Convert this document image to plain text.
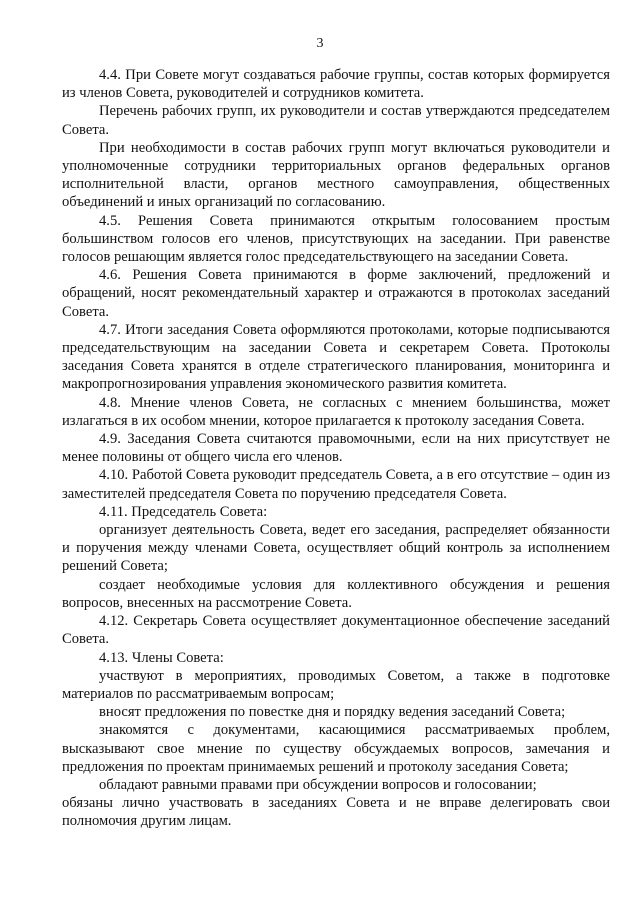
3

4.4. При Совете могут создаваться рабочие группы, состав которых формируется из членов Совета, руководителей и сотрудников комитета.

Перечень рабочих групп, их руководители и состав утверждаются председателем Совета.

При необходимости в состав рабочих групп могут включаться руководители и уполномоченные сотрудники территориальных органов федеральных органов исполнительной власти, органов местного самоуправления, общественных объединений и иных организаций по согласованию.

4.5. Решения Совета принимаются открытым голосованием простым большинством голосов его членов, присутствующих на заседании. При равенстве голосов решающим является голос председательствующего на заседании Совета.

4.6. Решения Совета принимаются в форме заключений, предложений и обращений, носят рекомендательный характер и отражаются в протоколах заседаний Совета.

4.7. Итоги заседания Совета оформляются протоколами, которые подписываются председательствующим на заседании Совета и секретарем Совета. Протоколы заседания Совета хранятся в отделе стратегического планирования, мониторинга и макропрогнозирования управления экономического развития комитета.

4.8. Мнение членов Совета, не согласных с мнением большинства, может излагаться в их особом мнении, которое прилагается к протоколу заседания Совета.

4.9. Заседания Совета считаются правомочными, если на них присутствует не менее половины от общего числа его членов.

4.10. Работой Совета руководит председатель Совета, а в его отсутствие – один из заместителей председателя Совета по поручению председателя Совета.

4.11. Председатель Совета:

организует деятельность Совета, ведет его заседания, распределяет обязанности и поручения между членами Совета, осуществляет общий контроль за исполнением решений Совета;

создает необходимые условия для коллективного обсуждения и решения вопросов, внесенных на рассмотрение Совета.

4.12. Секретарь Совета осуществляет документационное обеспечение заседаний Совета.

4.13. Члены Совета:

участвуют в мероприятиях, проводимых Советом, а также в подготовке материалов по рассматриваемым вопросам;

вносят предложения по повестке дня и порядку ведения заседаний Совета;

знакомятся с документами, касающимися рассматриваемых проблем, высказывают свое мнение по существу обсуждаемых вопросов, замечания и предложения по проектам принимаемых решений и протоколу заседания Совета;

обладают равными правами при обсуждении вопросов и голосовании;

обязаны лично участвовать в заседаниях Совета и не вправе делегировать свои полномочия другим лицам.
